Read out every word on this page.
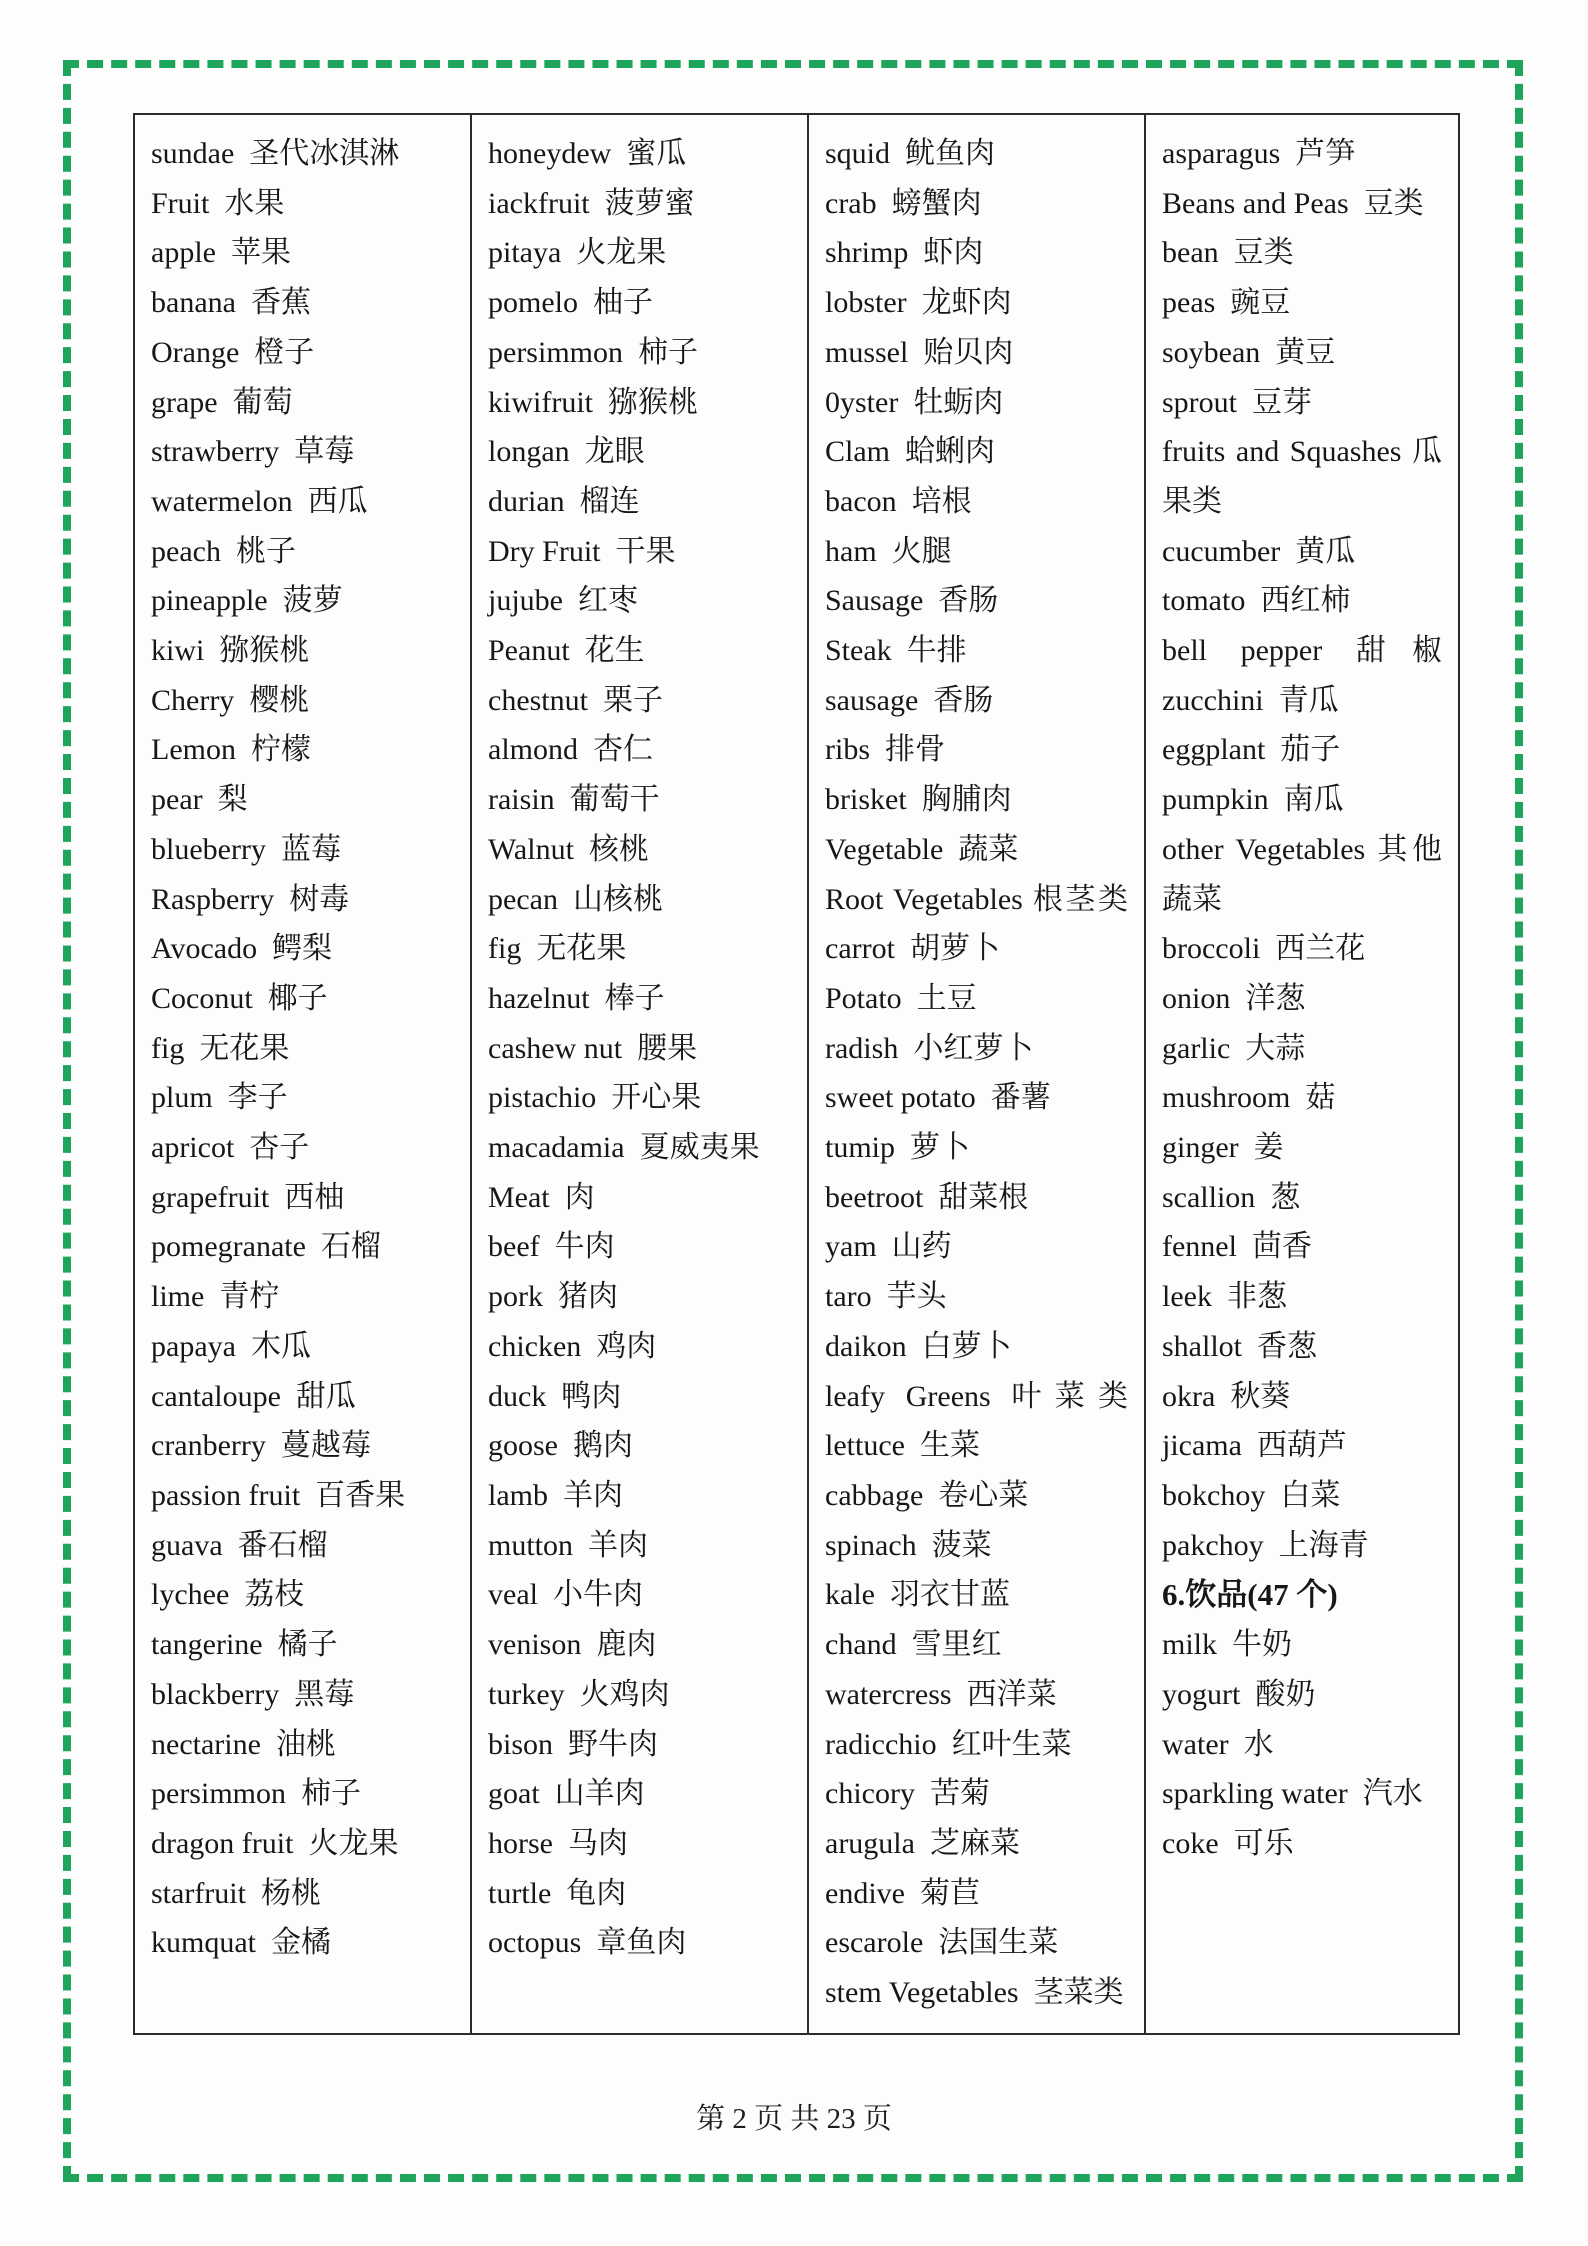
sundae 圣代冰淇淋
Fruit 水果
apple 苹果
banana 香蕉
Orange 橙子
grape 葡萄
strawberry 草莓
watermelon 西瓜
peach 桃子
pineapple 菠萝
kiwi 猕猴桃
Cherry 樱桃
Lemon 柠檬
pear 梨
blueberry 蓝莓
Raspberry 树毒
Avocado 鳄梨
Coconut 椰子
fig 无花果
plum 李子
apricot 杏子
grapefruit 西柚
pomegranate 石榴
lime 青柠
papaya 木瓜
cantaloupe 甜瓜
cranberry 蔓越莓
passion fruit 百香果
guava 番石榴
lychee 荔枝
tangerine 橘子
blackberry 黑莓
nectarine 油桃
persimmon 柿子
dragon fruit 火龙果
starfruit 杨桃
kumquat 金橘
honeydew 蜜瓜
iackfruit 菠萝蜜
pitaya 火龙果
pomelo 柚子
persimmon 柿子
kiwifruit 猕猴桃
longan 龙眼
durian 榴连
Dry Fruit 干果
jujube 红枣
Peanut 花生
chestnut 栗子
almond 杏仁
raisin 葡萄干
Walnut 核桃
pecan 山核桃
fig 无花果
hazelnut 棒子
cashew nut 腰果
pistachio 开心果
macadamia 夏威夷果
Meat 肉
beef 牛肉
pork 猪肉
chicken 鸡肉
duck 鸭肉
goose 鹅肉
lamb 羊肉
mutton 羊肉
veal 小牛肉
venison 鹿肉
turkey 火鸡肉
bison 野牛肉
goat 山羊肉
horse 马肉
turtle 龟肉
octopus 章鱼肉
squid 鱿鱼肉
crab 螃蟹肉
shrimp 虾肉
lobster 龙虾肉
mussel 贻贝肉
0yster 牡蛎肉
Clam 蛤蜊肉
bacon 培根
ham 火腿
Sausage 香肠
Steak 牛排
sausage 香肠
ribs 排骨
brisket 胸脯肉
Vegetable 蔬菜
Root Vegetables 根茎类
carrot 胡萝卜
Potato 土豆
radish 小红萝卜
sweet potato 番薯
tumip 萝卜
beetroot 甜菜根
yam 山药
taro 芋头
daikon 白萝卜
leafy Greens 叶菜类
lettuce 生菜
cabbage 卷心菜
spinach 菠菜
kale 羽衣甘蓝
chand 雪里红
watercress 西洋菜
radicchio 红叶生菜
chicory 苦菊
arugula 芝麻菜
endive 菊苣
escarole 法国生菜
stem Vegetables 茎菜类
asparagus 芦笋
Beans and Peas 豆类
bean 豆类
peas 豌豆
soybean 黄豆
sprout 豆芽
fruits and Squashes 瓜果类
cucumber 黄瓜
tomato 西红柿
bell pepper 甜椒
zucchini 青瓜
eggplant 茄子
pumpkin 南瓜
other Vegetables 其他蔬菜
broccoli 西兰花
onion 洋葱
garlic 大蒜
mushroom 菇
ginger 姜
scallion 葱
fennel 茴香
leek 非葱
shallot 香葱
okra 秋葵
jicama 西葫芦
bokchoy 白菜
pakchoy 上海青
6.饮品(47 个)
milk 牛奶
yogurt 酸奶
water 水
sparkling water 汽水
coke 可乐
第 2 页 共 23 页
